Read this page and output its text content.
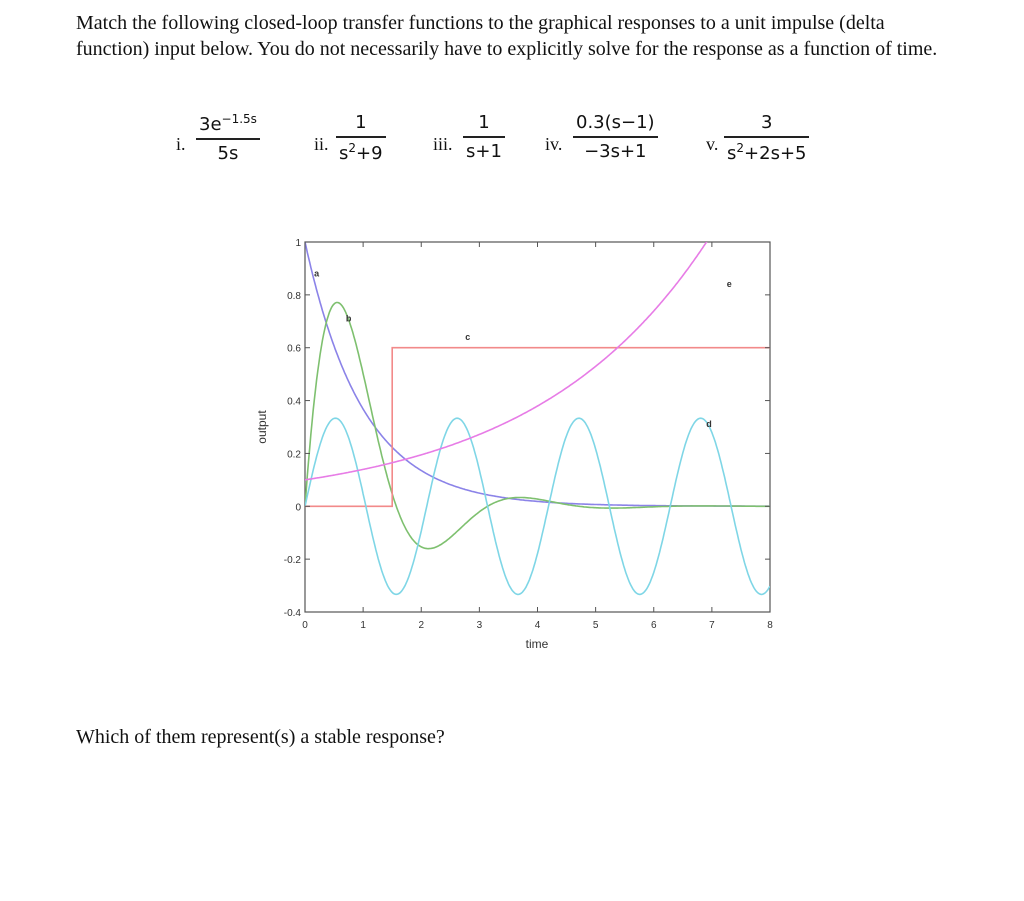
Match the following closed-loop transfer functions to the graphical responses to a unit impulse (delta function) input below. You do not necessarily have to explicitly solve for the response as a function of time.
i.
$3e^{-1.5s}$
5s	ii.
1
$s^2+9$	iii.
1
s+1 iv.
0.3(s−1)
−3s+1	v.
3
$s^2+2s+5$
a
b
c
d
e
0	1	2	3	4	5	6	7	8
-0.4
-0.2
0
0.2
0.4
0.6
0.8
1
time
output
Which of them represent(s) a stable response?
